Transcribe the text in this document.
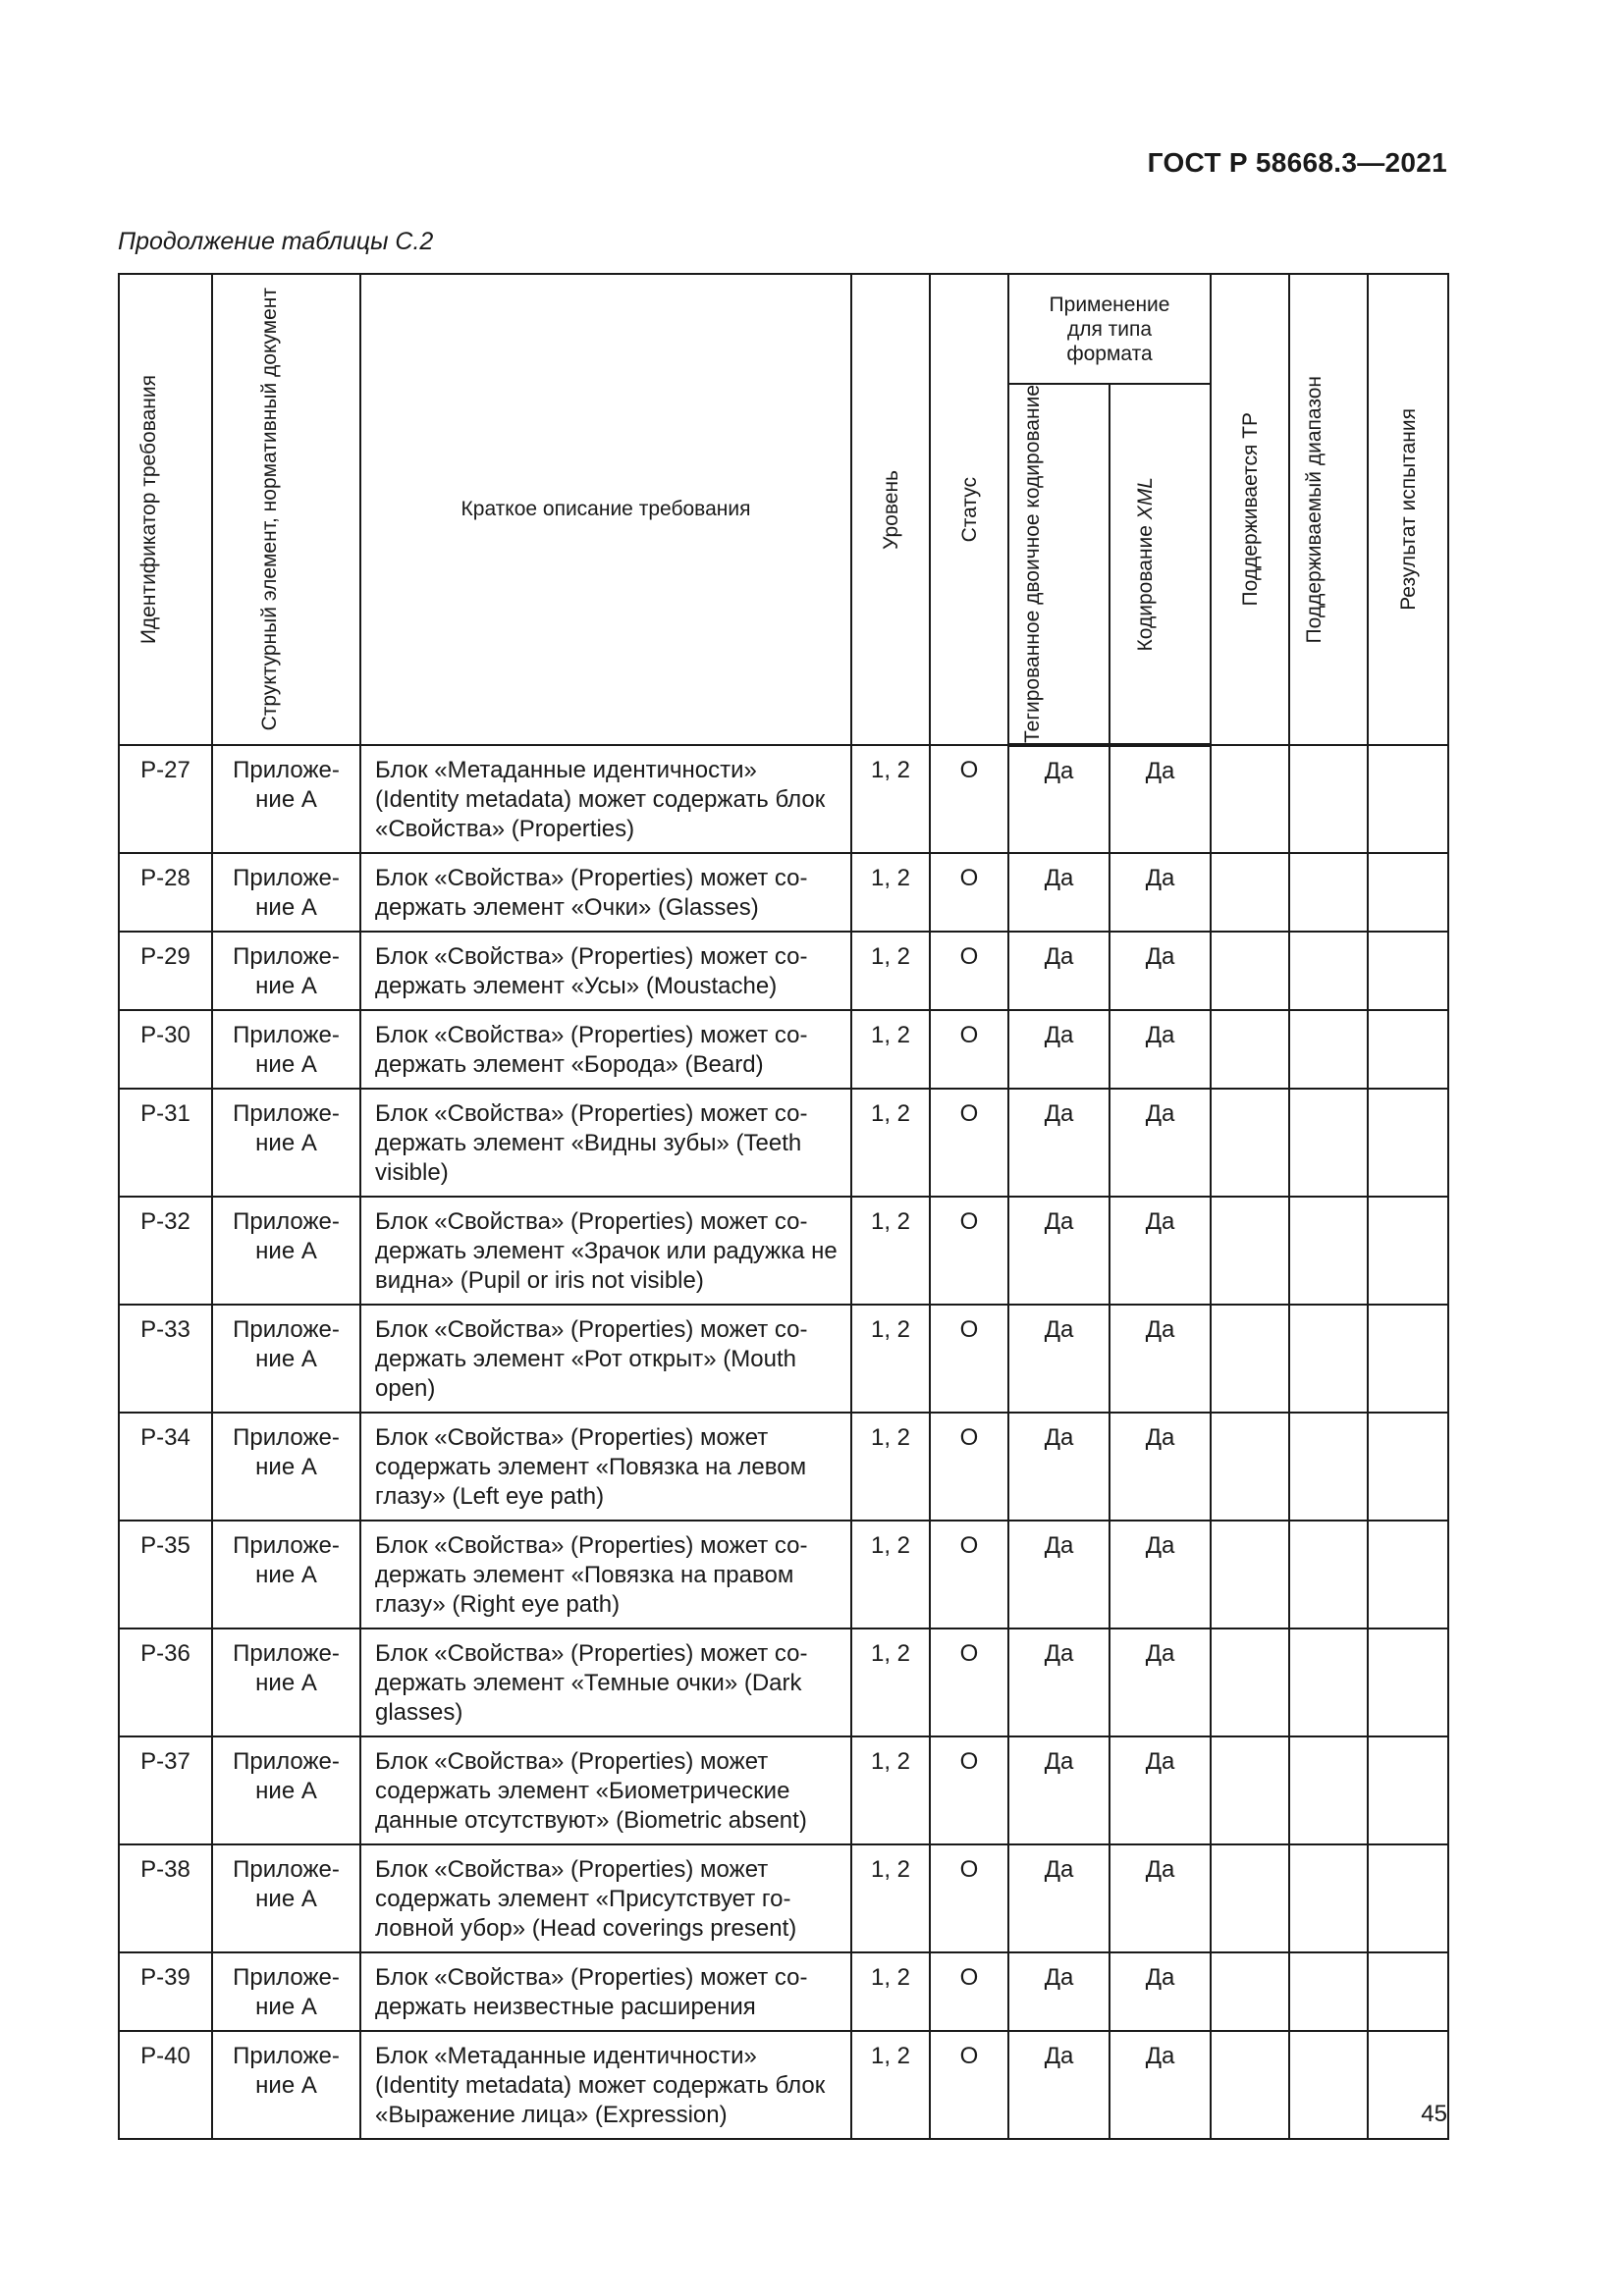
ГОСТ Р 58668.3—2021
Продолжение таблицы С.2
Идентификатор требования	Структурный элемент, нормативный документ	Краткое описание требования	Уровень	Статус	Применение для типа формата		Поддерживается ТР	Поддерживаемый диапазон	Результат испытания

					Тегированное двоичное кодирование	Кодирование XML			

P-27	Приложе-ние A	Блок «Метаданные идентичности» (Identity metadata) может содержать блок «Свойства» (Properties)	1, 2	O	Да	Да			
P-28	Приложе-ние A	Блок «Свойства» (Properties) может со-держать элемент «Очки» (Glasses)	1, 2	O	Да	Да			
P-29	Приложе-ние A	Блок «Свойства» (Properties) может со-держать элемент «Усы» (Moustache)	1, 2	O	Да	Да			
P-30	Приложе-ние A	Блок «Свойства» (Properties) может со-держать элемент «Борода» (Beard)	1, 2	O	Да	Да			
P-31	Приложе-ние A	Блок «Свойства» (Properties) может со-держать элемент «Видны зубы» (Teeth visible)	1, 2	O	Да	Да			
P-32	Приложе-ние A	Блок «Свойства» (Properties) может со-держать элемент «Зрачок или радужка не видна» (Pupil or iris not visible)	1, 2	O	Да	Да			
P-33	Приложе-ние A	Блок «Свойства» (Properties) может со-держать элемент «Рот открыт» (Mouth open)	1, 2	O	Да	Да			
P-34	Приложе-ние A	Блок «Свойства» (Properties) может содержать элемент «Повязка на левом глазу» (Left eye path)	1, 2	O	Да	Да			
P-35	Приложе-ние A	Блок «Свойства» (Properties) может со-держать элемент «Повязка на правом глазу» (Right eye path)	1, 2	O	Да	Да			
P-36	Приложе-ние A	Блок «Свойства» (Properties) может со-держать элемент «Темные очки» (Dark glasses)	1, 2	O	Да	Да			
P-37	Приложе-ние A	Блок «Свойства» (Properties) может содержать элемент «Биометрические данные отсутствуют» (Biometric absent)	1, 2	O	Да	Да			
P-38	Приложе-ние A	Блок «Свойства» (Properties) может содержать элемент «Присутствует го-ловной убор» (Head coverings present)	1, 2	O	Да	Да			
P-39	Приложе-ние A	Блок «Свойства» (Properties) может со-держать неизвестные расширения	1, 2	O	Да	Да			
P-40	Приложе-ние A	Блок «Метаданные идентичности» (Identity metadata) может содержать блок «Выражение лица» (Expression)	1, 2	O	Да	Да			
45
